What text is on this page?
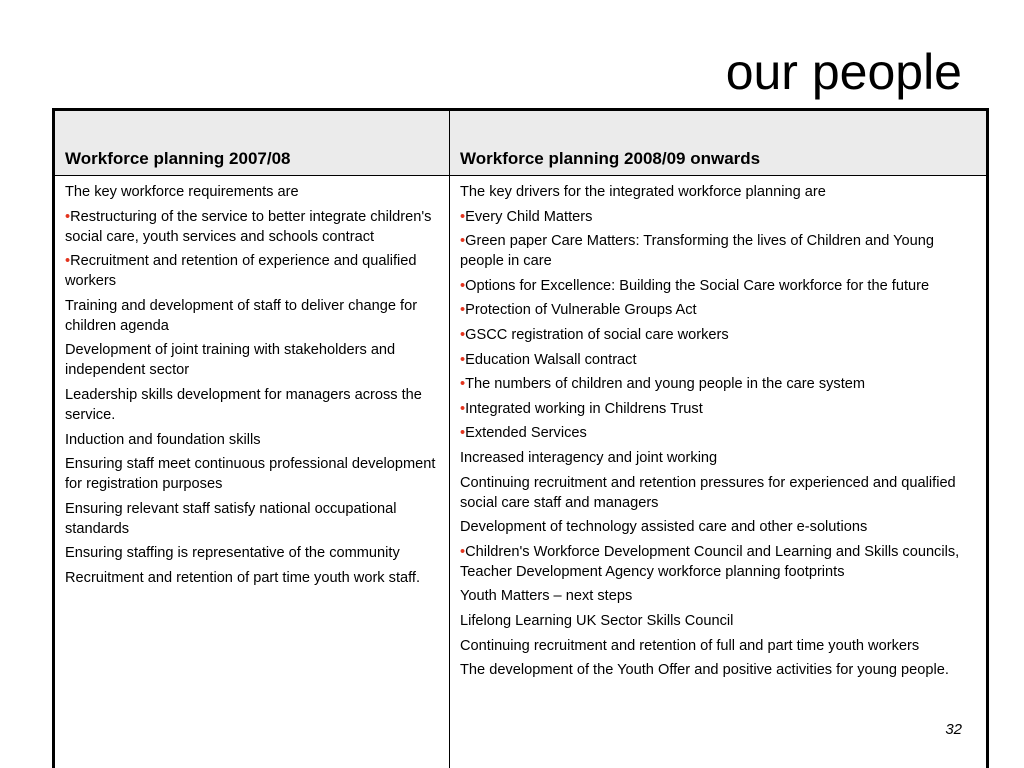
our people
Workforce planning 2007/08	Workforce planning 2008/09 onwards

The key workforce requirements are

•Restructuring of the service to better integrate children's social care, youth services and schools contract

•Recruitment and retention of experience and qualified workers

Training and development of staff to deliver change for children agenda

Development of joint training with stakeholders and independent sector

Leadership skills development for managers across the service.

Induction and foundation skills

Ensuring staff meet continuous professional development for registration purposes

Ensuring relevant staff satisfy national occupational standards

Ensuring staffing is representative of the community

Recruitment and retention of part time youth work staff.

The key drivers for the integrated workforce planning are

•Every Child Matters

•Green paper Care Matters: Transforming the lives of Children and Young people in care

•Options for Excellence: Building the Social Care workforce for the future

•Protection of Vulnerable Groups Act

•GSCC registration of social care workers

•Education Walsall contract

•The numbers of children and young people in the care system

•Integrated working in Childrens Trust

•Extended Services

Increased interagency and joint working

Continuing recruitment and retention pressures for experienced and qualified social care staff and managers

Development of technology assisted care and other e-solutions

•Children's Workforce Development Council and Learning and Skills councils, Teacher Development Agency workforce planning footprints

Youth Matters – next steps

Lifelong Learning UK Sector Skills Council

Continuing recruitment and retention of full and part time youth workers

The development of the Youth Offer and positive activities for young people.

32
